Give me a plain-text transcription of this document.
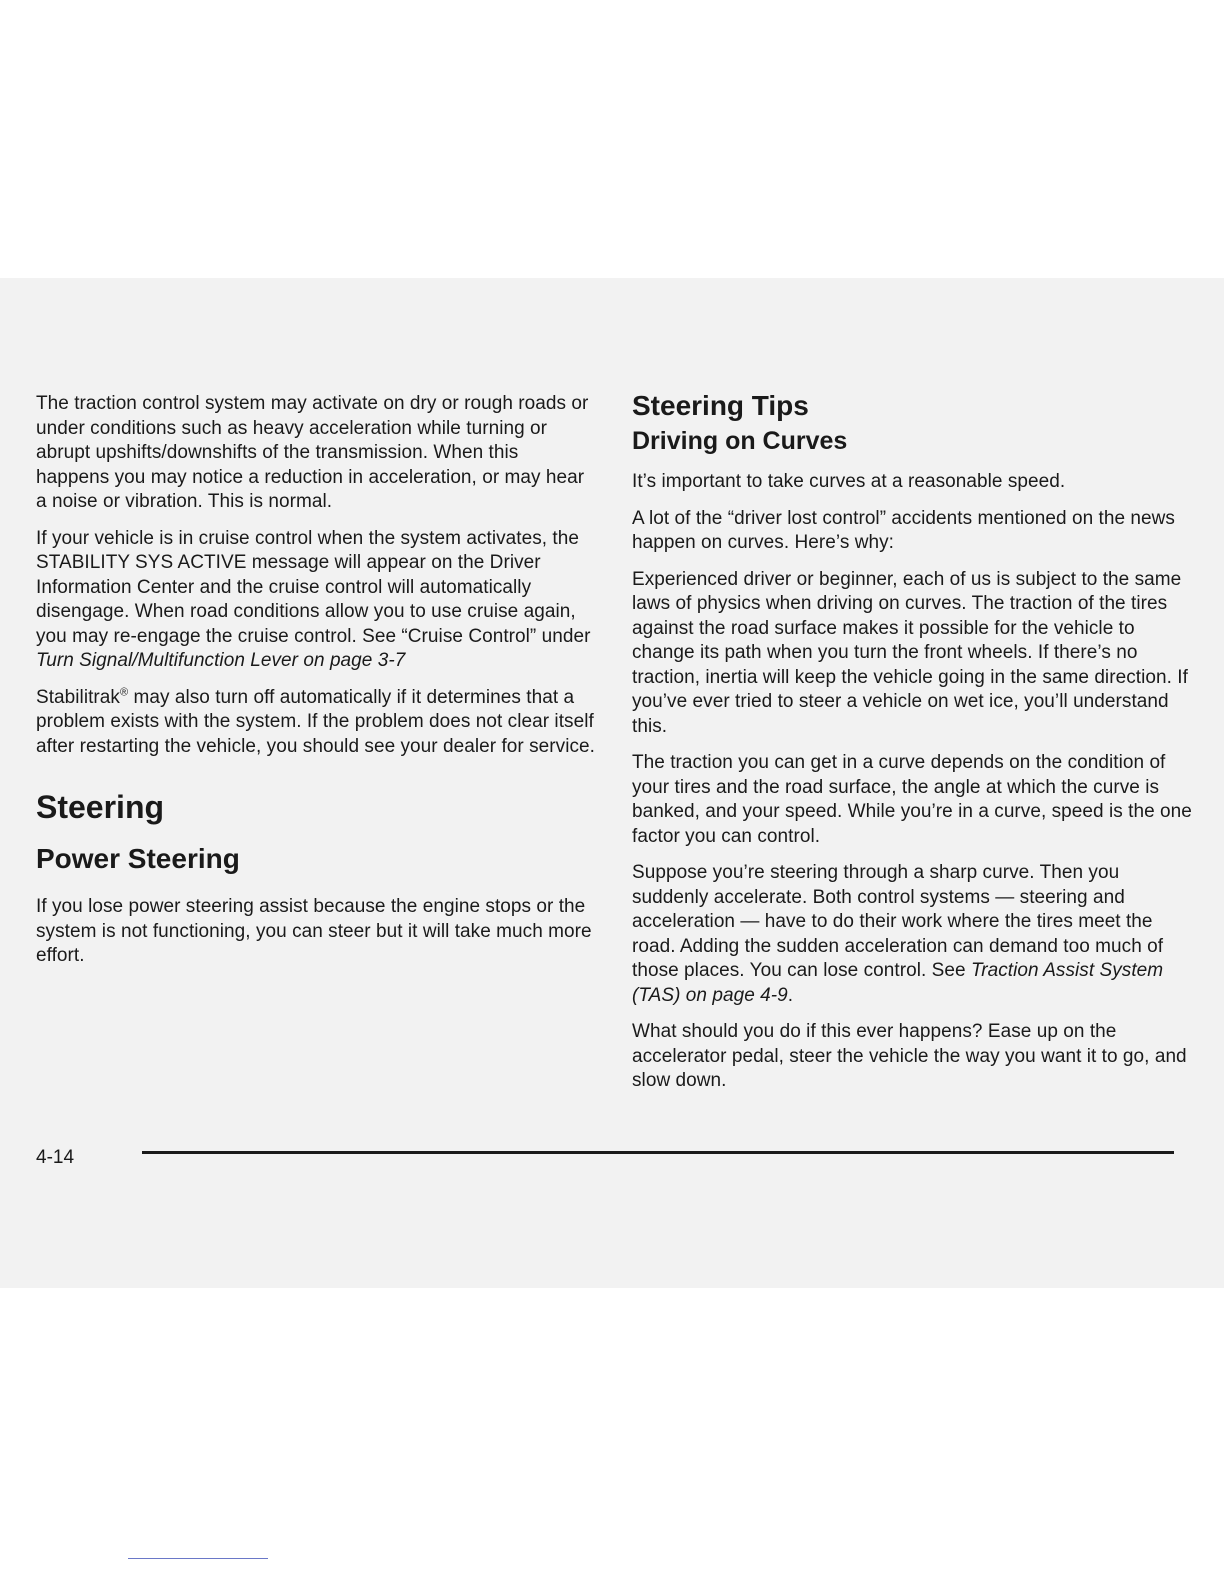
The traction control system may activate on dry or rough roads or under conditions such as heavy acceleration while turning or abrupt upshifts/downshifts of the transmission. When this happens you may notice a reduction in acceleration, or may hear a noise or vibration. This is normal.

If your vehicle is in cruise control when the system activates, the STABILITY SYS ACTIVE message will appear on the Driver Information Center and the cruise control will automatically disengage. When road conditions allow you to use cruise again, you may re-engage the cruise control. See “Cruise Control” under Turn Signal/Multifunction Lever on page 3-7

Stabilitrak® may also turn off automatically if it determines that a problem exists with the system. If the problem does not clear itself after restarting the vehicle, you should see your dealer for service.

Steering
Power Steering

If you lose power steering assist because the engine stops or the system is not functioning, you can steer but it will take much more effort.

Steering Tips
Driving on Curves

It’s important to take curves at a reasonable speed.

A lot of the “driver lost control” accidents mentioned on the news happen on curves. Here’s why:

Experienced driver or beginner, each of us is subject to the same laws of physics when driving on curves. The traction of the tires against the road surface makes it possible for the vehicle to change its path when you turn the front wheels. If there’s no traction, inertia will keep the vehicle going in the same direction. If you’ve ever tried to steer a vehicle on wet ice, you’ll understand this.

The traction you can get in a curve depends on the condition of your tires and the road surface, the angle at which the curve is banked, and your speed. While you’re in a curve, speed is the one factor you can control.

Suppose you’re steering through a sharp curve. Then you suddenly accelerate. Both control systems — steering and acceleration — have to do their work where the tires meet the road. Adding the sudden acceleration can demand too much of those places. You can lose control. See Traction Assist System (TAS) on page 4-9.

What should you do if this ever happens? Ease up on the accelerator pedal, steer the vehicle the way you want it to go, and slow down.

4-14
